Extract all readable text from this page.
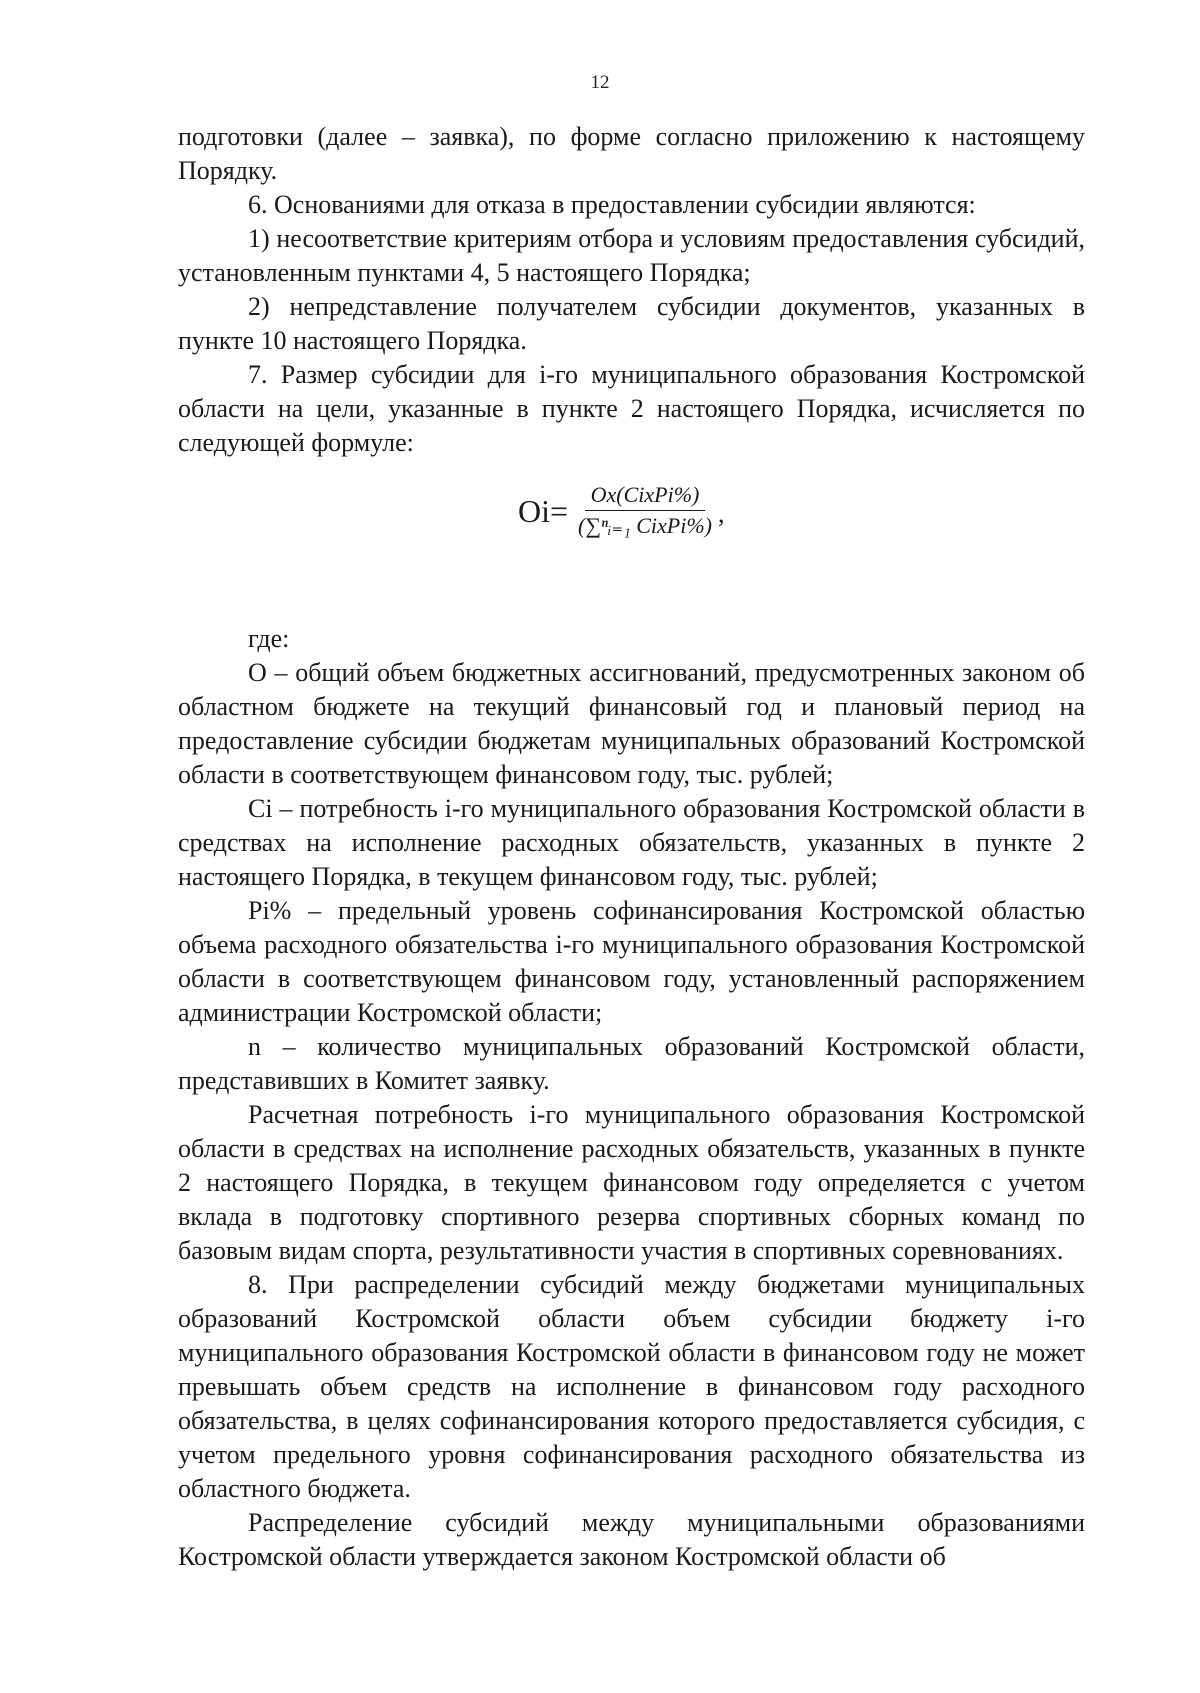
12

подготовки (далее – заявка), по форме согласно приложению к настоящему Порядку.

6. Основаниями для отказа в предоставлении субсидии являются:

1) несоответствие критериям отбора и условиям предоставления субсидий, установленным пунктами 4, 5 настоящего Порядка;

2) непредставление получателем субсидии документов, указанных в пункте 10 настоящего Порядка.

7. Размер субсидии для i-го муниципального образования Костромской области на цели, указанные в пункте 2 настоящего Порядка, исчисляется по следующей формуле:

$Oi= \frac{\text{Ox(CixPi\%)}}{\text{(∑ⁿᵢ₌₁ CixPi\%)}}$ ,

где:

О – общий объем бюджетных ассигнований, предусмотренных законом об областном бюджете на текущий финансовый год и плановый период на предоставление субсидии бюджетам муниципальных образований Костромской области в соответствующем финансовом году, тыс. рублей;

Ci – потребность i-го муниципального образования Костромской области в средствах на исполнение расходных обязательств, указанных в пункте 2 настоящего Порядка, в текущем финансовом году, тыс. рублей;

Pi% – предельный уровень софинансирования Костромской областью объема расходного обязательства i-го муниципального образования Костромской области в соответствующем финансовом году, установленный распоряжением администрации Костромской области;

n – количество муниципальных образований Костромской области, представивших в Комитет заявку.

Расчетная потребность i-го муниципального образования Костромской области в средствах на исполнение расходных обязательств, указанных в пункте 2 настоящего Порядка, в текущем финансовом году определяется с учетом вклада в подготовку спортивного резерва спортивных сборных команд по базовым видам спорта, результативности участия в спортивных соревнованиях.

8. При распределении субсидий между бюджетами муниципальных образований Костромской области объем субсидии бюджету i-го муниципального образования Костромской области в финансовом году не может превышать объем средств на исполнение в финансовом году расходного обязательства, в целях софинансирования которого предоставляется субсидия, с учетом предельного уровня софинансирования расходного обязательства из областного бюджета.

Распределение субсидий между муниципальными образованиями Костромской области утверждается законом Костромской области об
